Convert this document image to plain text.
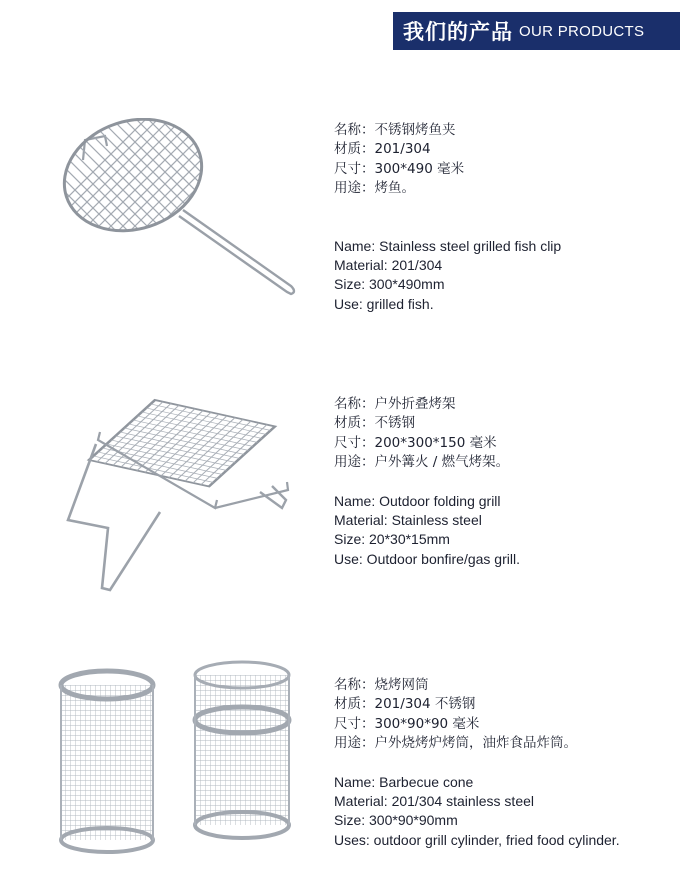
我们的产品 OUR PRODUCTS
名称：不锈钢烤鱼夹
材质：201/304
尺寸：300*490 毫米
用途：烤鱼。
Name: Stainless steel grilled fish clip
Material: 201/304
Size: 300*490mm
Use: grilled fish.
名称：户外折叠烤架
材质：不锈钢
尺寸：200*300*150 毫米
用途：户外篝火 / 燃气烤架。
Name: Outdoor folding grill
Material: Stainless steel
Size: 20*30*15mm
Use: Outdoor bonfire/gas grill.
名称：烧烤网筒
材质：201/304 不锈钢
尺寸：300*90*90 毫米
用途：户外烧烤炉烤筒，油炸食品炸筒。
Name: Barbecue cone
Material: 201/304 stainless steel
Size: 300*90*90mm
Uses: outdoor grill cylinder, fried food cylinder.
